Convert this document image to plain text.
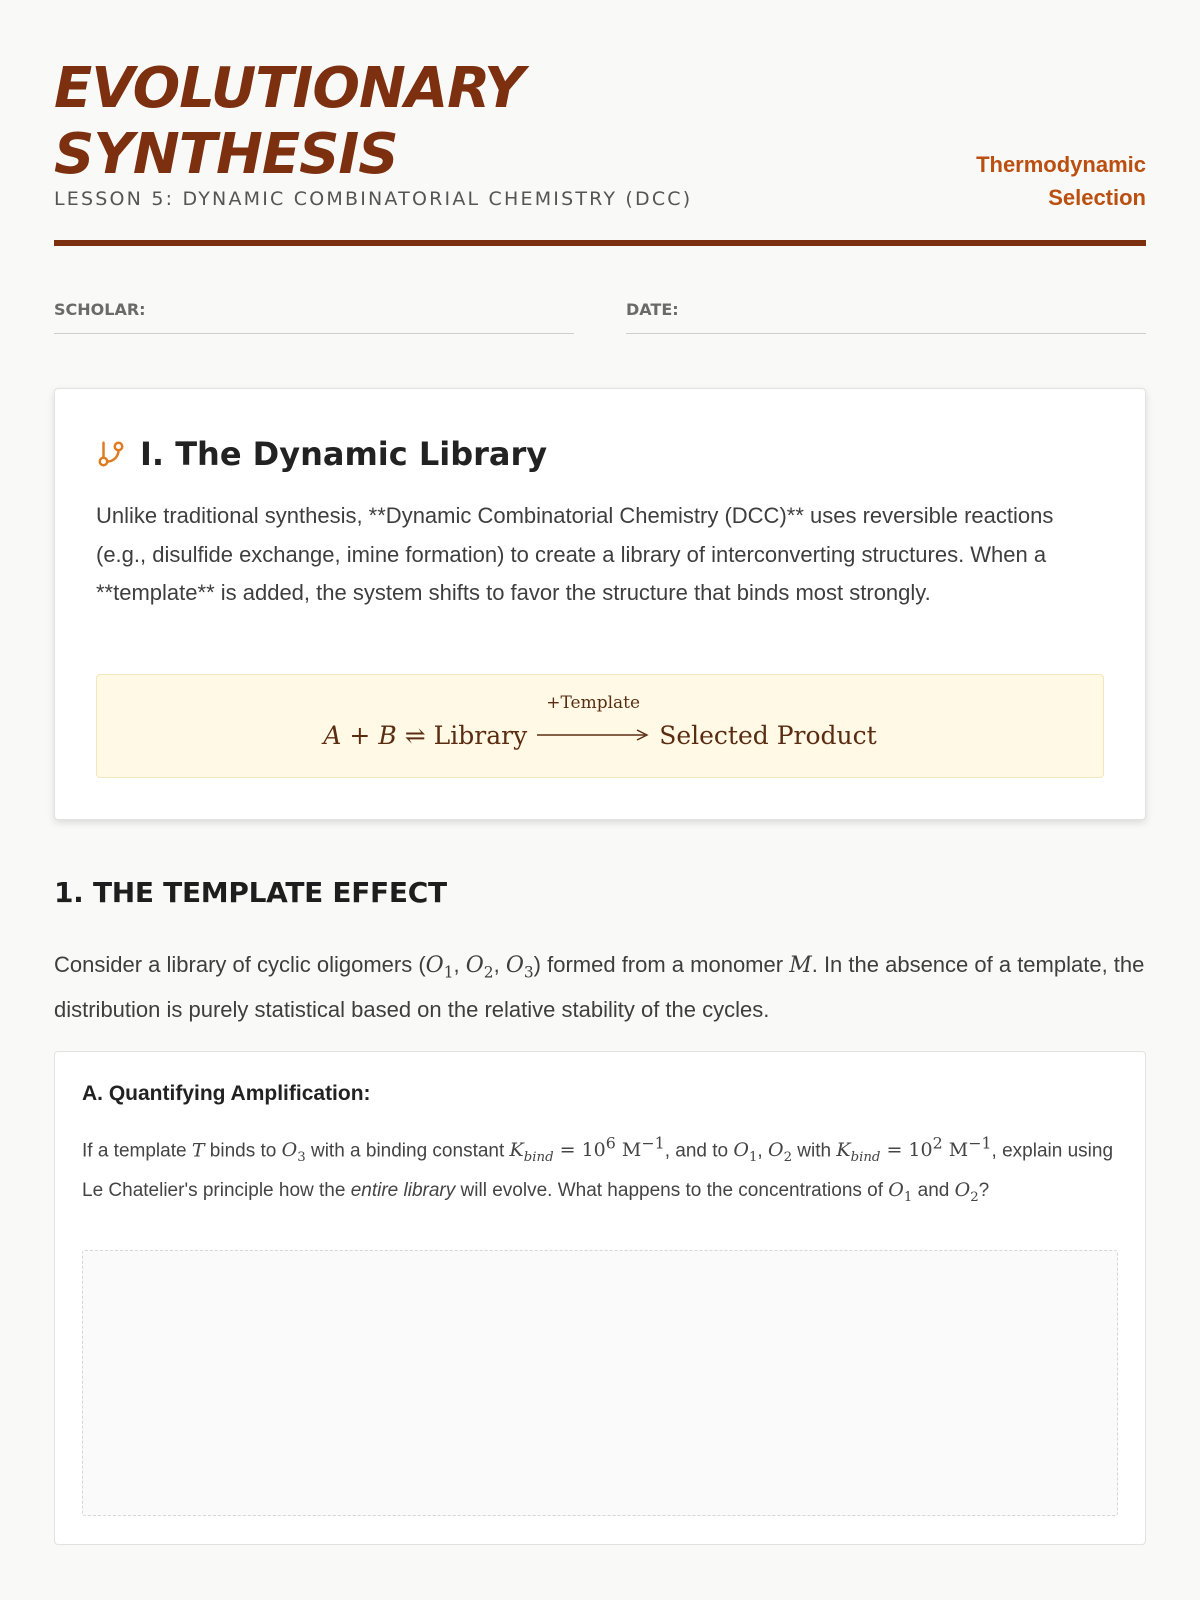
EVOLUTIONARY
SYNTHESIS
LESSON 5: DYNAMIC COMBINATORIAL CHEMISTRY (DCC)
Thermodynamic
Selection
SCHOLAR:	DATE:
I. The Dynamic Library

Unlike traditional synthesis, **Dynamic Combinatorial Chemistry (DCC)** uses reversible reactions (e.g., disulfide exchange, imine formation) to create a library of interconverting structures. When a **template** is added, the system shifts to favor the structure that binds most strongly.

A + B ⇌ Library
+Template
Selected Product
1. THE TEMPLATE EFFECT

Consider a library of cyclic oligomers ($O_1$, $O_2$, $O_3$) formed from a monomer M. In the absence of a template, the distribution is purely statistical based on the relative stability of the cycles.

A. Quantifying Amplification:

If a template T binds to $O_3$ with a binding constant $K_{bind} = 10^6$ $M^{-1}$, and to $O_1$, $O_2$ with $K_{bind} = 10^2$ $M^{-1}$, explain using Le Chatelier's principle how the entire library will evolve. What happens to the concentrations of $O_1$ and $O_2$?
